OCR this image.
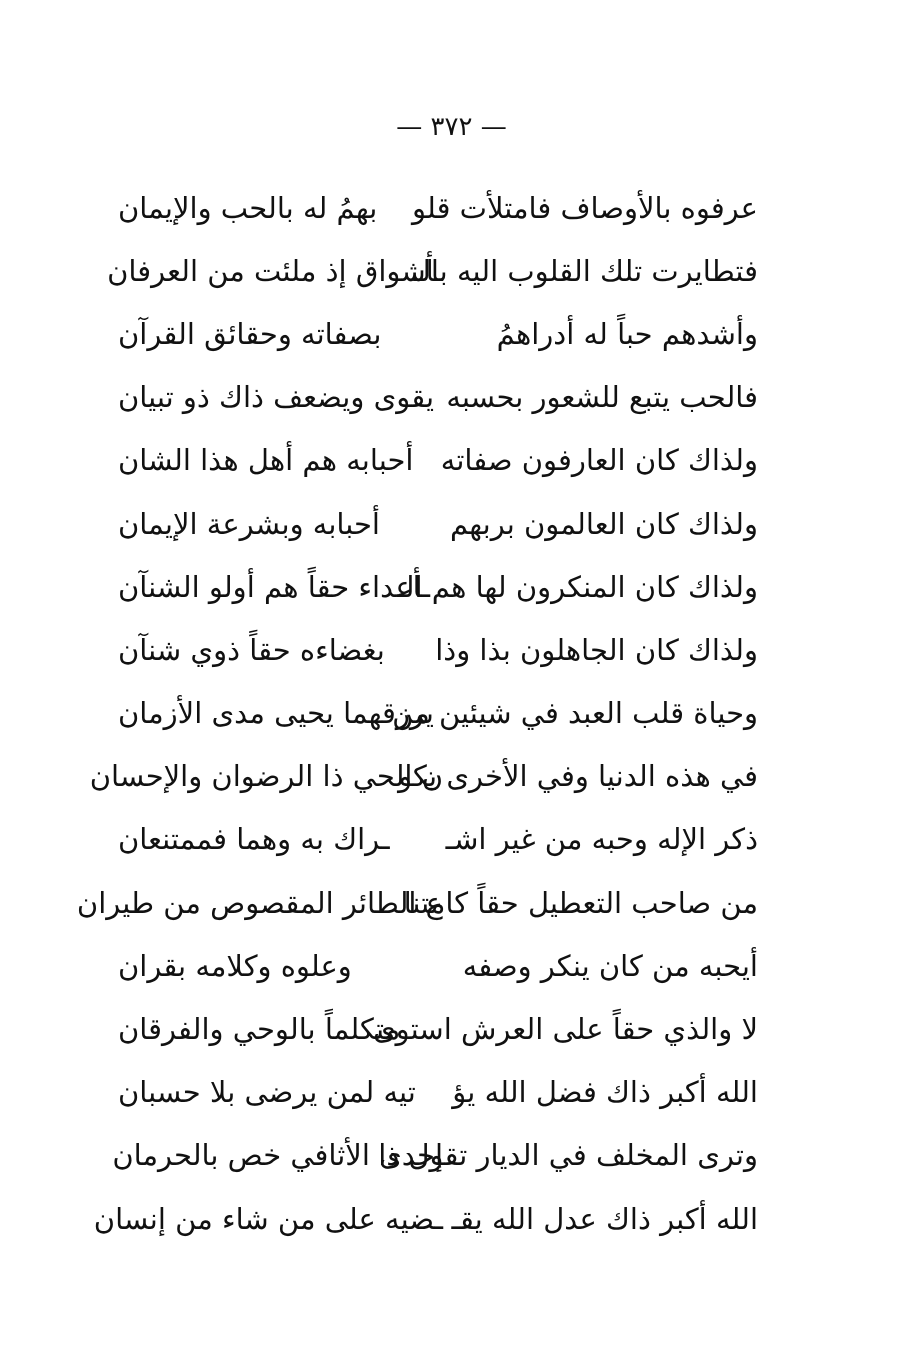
— ٣٧٢ —
عرفوه بالأوصاف فامتلأت قلو
بهمُ له بالحب والإيمان
فتطايرت تلك القلوب اليه بالـ
ـأشواق إذ ملئت من العرفان
وأشدهم حباً له أدراهمُ
بصفاته وحقائق القرآن
فالحب يتبع للشعور بحسبه
يقوى ويضعف ذاك ذو تبيان
ولذاك كان العارفون صفاته
أحبابه هم أهل هذا الشان
ولذاك كان العالمون بربهم
أحبابه وبشرعة الإيمان
ولذاك كان المنكرون لها هم الـ
ـأعداء حقاً هم أولو الشنآن
ولذاك كان الجاهلون بذا وذا
بغضاءه حقاً ذوي شنآن
وحياة قلب العبد في شيئين من
يرزقهما يحيى مدى الأزمان
في هذه الدنيا وفي الأخرى يكو
ن الحي ذا الرضوان والإحسان
ذكر الإله وحبه من غير اشـ
ـراك به وهما فممتنعان
من صاحب التعطيل حقاً كامتنا
ع الطائر المقصوص من طيران
أيحبه من كان ينكر وصفه
وعلوه وكلامه بقران
لا والذي حقاً على العرش استوى
متكلماً بالوحي والفرقان
الله أكبر ذاك فضل الله يؤ
تيه لمن يرضى بلا حسبان
وترى المخلف في الديار تقول ذا
إحدى الأثافي خص بالحرمان
الله أكبر ذاك عدل الله يقـ
ـضيه على من شاء من إنسان
